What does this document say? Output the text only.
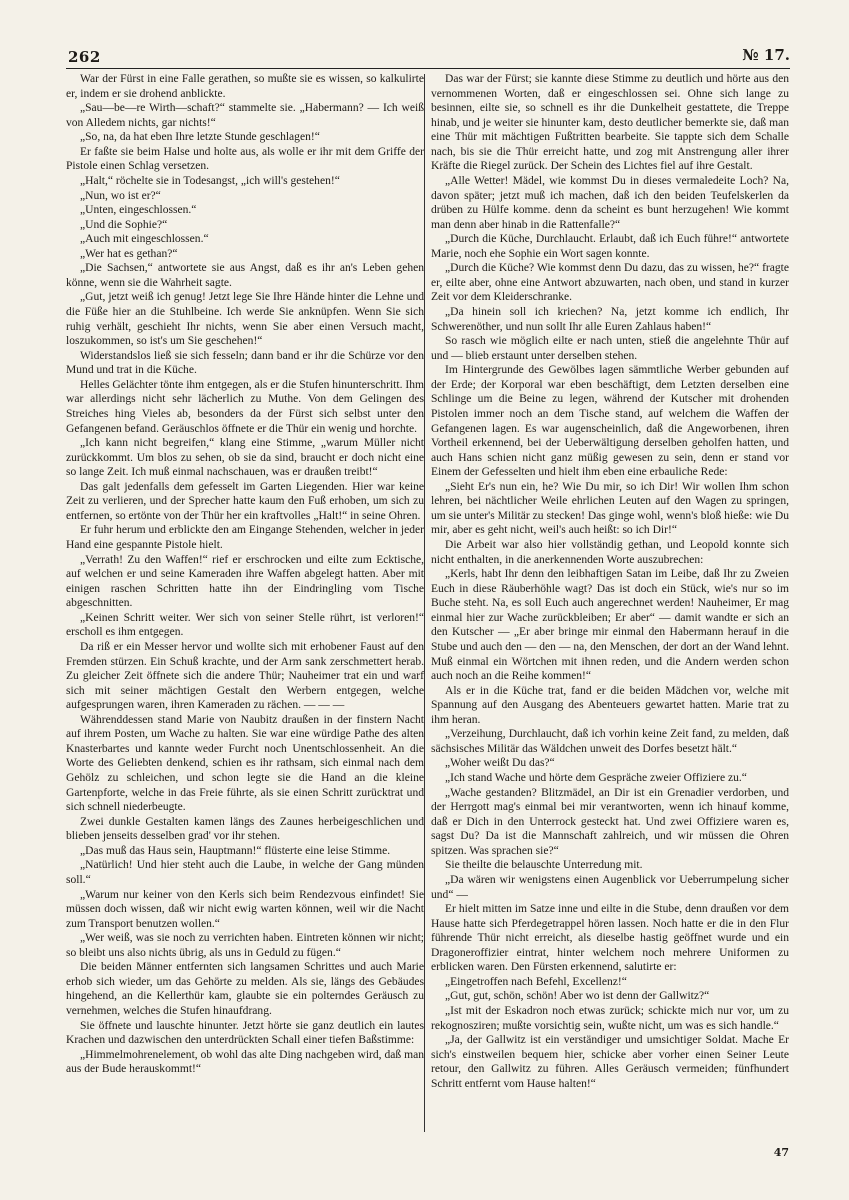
262	№ 17.

War der Fürst in eine Falle gerathen, so mußte sie es wissen, so kalkulirte er, indem er sie drohend anblickte.

„Sau—be—re Wirth—schaft?“ stammelte sie. „Habermann? — Ich weiß von Alledem nichts, gar nichts!“

„So, na, da hat eben Ihre letzte Stunde geschlagen!“

Er faßte sie beim Halse und holte aus, als wolle er ihr mit dem Griffe der Pistole einen Schlag versetzen.

„Halt,“ röchelte sie in Todesangst, „ich will's gestehen!“

„Nun, wo ist er?“

„Unten, eingeschlossen.“

„Und die Sophie?“

„Auch mit eingeschlossen.“

„Wer hat es gethan?“

„Die Sachsen,“ antwortete sie aus Angst, daß es ihr an's Leben gehen könne, wenn sie die Wahrheit sagte.

„Gut, jetzt weiß ich genug! Jetzt lege Sie Ihre Hände hinter die Lehne und die Füße hier an die Stuhlbeine. Ich werde Sie anknüpfen. Wenn Sie sich ruhig verhält, geschieht Ihr nichts, wenn Sie aber einen Versuch macht, loszukommen, so ist's um Sie geschehen!“

Widerstandslos ließ sie sich fesseln; dann band er ihr die Schürze vor den Mund und trat in die Küche.

Helles Gelächter tönte ihm entgegen, als er die Stufen hinunterschritt. Ihm war allerdings nicht sehr lächerlich zu Muthe. Von dem Gelingen des Streiches hing Vieles ab, besonders da der Fürst sich selbst unter den Gefangenen befand. Geräuschlos öffnete er die Thür ein wenig und horchte.

„Ich kann nicht begreifen,“ klang eine Stimme, „warum Müller nicht zurückkommt. Um blos zu sehen, ob sie da sind, braucht er doch nicht eine so lange Zeit. Ich muß einmal nachschauen, was er draußen treibt!“

Das galt jedenfalls dem gefesselt im Garten Liegenden. Hier war keine Zeit zu verlieren, und der Sprecher hatte kaum den Fuß erhoben, um sich zu entfernen, so ertönte von der Thür her ein kraftvolles „Halt!“ in seine Ohren.

Er fuhr herum und erblickte den am Eingange Stehenden, welcher in jeder Hand eine gespannte Pistole hielt.

„Verrath! Zu den Waffen!“ rief er erschrocken und eilte zum Ecktische, auf welchen er und seine Kameraden ihre Waffen abgelegt hatten. Aber mit einigen raschen Schritten hatte ihn der Eindringling vom Tische abgeschnitten.

„Keinen Schritt weiter. Wer sich von seiner Stelle rührt, ist verloren!“ erscholl es ihm entgegen.

Da riß er ein Messer hervor und wollte sich mit erhobener Faust auf den Fremden stürzen. Ein Schuß krachte, und der Arm sank zerschmettert herab. Zu gleicher Zeit öffnete sich die andere Thür; Nauheimer trat ein und warf sich mit seiner mächtigen Gestalt den Werbern entgegen, welche aufgesprungen waren, ihren Kameraden zu rächen. — — —

Währenddessen stand Marie von Naubitz draußen in der finstern Nacht auf ihrem Posten, um Wache zu halten. Sie war eine würdige Pathe des alten Knasterbartes und kannte weder Furcht noch Unentschlossenheit. An die Worte des Geliebten denkend, schien es ihr rathsam, sich einmal nach dem Gehölz zu schleichen, und schon legte sie die Hand an die kleine Gartenpforte, welche in das Freie führte, als sie einen Schritt zurücktrat und sich schnell niederbeugte.

Zwei dunkle Gestalten kamen längs des Zaunes herbeigeschlichen und blieben jenseits desselben grad' vor ihr stehen.

„Das muß das Haus sein, Hauptmann!“ flüsterte eine leise Stimme.

„Natürlich! Und hier steht auch die Laube, in welche der Gang münden soll.“

„Warum nur keiner von den Kerls sich beim Rendezvous einfindet! Sie müssen doch wissen, daß wir nicht ewig warten können, weil wir die Nacht zum Transport benutzen wollen.“

„Wer weiß, was sie noch zu verrichten haben. Eintreten können wir nicht; so bleibt uns also nichts übrig, als uns in Geduld zu fügen.“

Die beiden Männer entfernten sich langsamen Schrittes und auch Marie erhob sich wieder, um das Gehörte zu melden. Als sie, längs des Gebäudes hingehend, an die Kellerthür kam, glaubte sie ein polterndes Geräusch zu vernehmen, welches die Stufen hinaufdrang.

Sie öffnete und lauschte hinunter. Jetzt hörte sie ganz deutlich ein lautes Krachen und dazwischen den unterdrückten Schall einer tiefen Baßstimme:

„Himmelmohrenelement, ob wohl das alte Ding nachgeben wird, daß man aus der Bude herauskommt!“

Das war der Fürst; sie kannte diese Stimme zu deutlich und hörte aus den vernommenen Worten, daß er eingeschlossen sei. Ohne sich lange zu besinnen, eilte sie, so schnell es ihr die Dunkelheit gestattete, die Treppe hinab, und je weiter sie hinunter kam, desto deutlicher bemerkte sie, daß man eine Thür mit mächtigen Fußtritten bearbeite. Sie tappte sich dem Schalle nach, bis sie die Thür erreicht hatte, und zog mit Anstrengung aller ihrer Kräfte die Riegel zurück. Der Schein des Lichtes fiel auf ihre Gestalt.

„Alle Wetter! Mädel, wie kommst Du in dieses vermaledeite Loch? Na, davon später; jetzt muß ich machen, daß ich den beiden Teufelskerlen da drüben zu Hülfe komme. denn da scheint es bunt herzugehen! Wie kommt man denn aber hinab in die Rattenfalle?“

„Durch die Küche, Durchlaucht. Erlaubt, daß ich Euch führe!“ antwortete Marie, noch ehe Sophie ein Wort sagen konnte.

„Durch die Küche? Wie kommst denn Du dazu, das zu wissen, he?“ fragte er, eilte aber, ohne eine Antwort abzuwarten, nach oben, und stand in kurzer Zeit vor dem Kleiderschranke.

„Da hinein soll ich kriechen? Na, jetzt komme ich endlich, Ihr Schwerenöther, und nun sollt Ihr alle Euren Zahlaus haben!“

So rasch wie möglich eilte er nach unten, stieß die angelehnte Thür auf und — blieb erstaunt unter derselben stehen.

Im Hintergrunde des Gewölbes lagen sämmtliche Werber gebunden auf der Erde; der Korporal war eben beschäftigt, dem Letzten derselben eine Schlinge um die Beine zu legen, während der Kutscher mit drohenden Pistolen immer noch an dem Tische stand, auf welchem die Waffen der Gefangenen lagen. Es war augenscheinlich, daß die Angeworbenen, ihren Vortheil erkennend, bei der Ueberwältigung derselben geholfen hatten, und auch Hans schien nicht ganz müßig gewesen zu sein, denn er stand vor Einem der Gefesselten und hielt ihm eben eine erbauliche Rede:

„Sieht Er's nun ein, he? Wie Du mir, so ich Dir! Wir wollen Ihm schon lehren, bei nächtlicher Weile ehrlichen Leuten auf den Wagen zu springen, um sie unter's Militär zu stecken! Das ginge wohl, wenn's bloß hieße: wie Du mir, aber es geht nicht, weil's auch heißt: so ich Dir!“

Die Arbeit war also hier vollständig gethan, und Leopold konnte sich nicht enthalten, in die anerkennenden Worte auszubrechen:

„Kerls, habt Ihr denn den leibhaftigen Satan im Leibe, daß Ihr zu Zweien Euch in diese Räuberhöhle wagt? Das ist doch ein Stück, wie's nur so im Buche steht. Na, es soll Euch auch angerechnet werden! Nauheimer, Er mag einmal hier zur Wache zurückbleiben; Er aber“ — damit wandte er sich an den Kutscher — „Er aber bringe mir einmal den Habermann herauf in die Stube und auch den — den — na, den Menschen, der dort an der Wand lehnt. Muß einmal ein Wörtchen mit ihnen reden, und die Andern werden schon auch noch an die Reihe kommen!“

Als er in die Küche trat, fand er die beiden Mädchen vor, welche mit Spannung auf den Ausgang des Abenteuers gewartet hatten. Marie trat zu ihm heran.

„Verzeihung, Durchlaucht, daß ich vorhin keine Zeit fand, zu melden, daß sächsisches Militär das Wäldchen unweit des Dorfes besetzt hält.“

„Woher weißt Du das?“

„Ich stand Wache und hörte dem Gespräche zweier Offiziere zu.“

„Wache gestanden? Blitzmädel, an Dir ist ein Grenadier verdorben, und der Herrgott mag's einmal bei mir verantworten, wenn ich hinauf komme, daß er Dich in den Unterrock gesteckt hat. Und zwei Offiziere waren es, sagst Du? Da ist die Mannschaft zahlreich, und wir müssen die Ohren spitzen. Was sprachen sie?“

Sie theilte die belauschte Unterredung mit.

„Da wären wir wenigstens einen Augenblick vor Ueberrumpelung sicher und“ —

Er hielt mitten im Satze inne und eilte in die Stube, denn draußen vor dem Hause hatte sich Pferdegetrappel hören lassen. Noch hatte er die in den Flur führende Thür nicht erreicht, als dieselbe hastig geöffnet wurde und ein Dragoneroffizier eintrat, hinter welchem noch mehrere Uniformen zu erblicken waren. Den Fürsten erkennend, salutirte er:

„Eingetroffen nach Befehl, Excellenz!“

„Gut, gut, schön, schön! Aber wo ist denn der Gallwitz?“

„Ist mit der Eskadron noch etwas zurück; schickte mich nur vor, um zu rekognosziren; mußte vorsichtig sein, wußte nicht, um was es sich handle.“

„Ja, der Gallwitz ist ein verständiger und umsichtiger Soldat. Mache Er sich's einstweilen bequem hier, schicke aber vorher einen Seiner Leute retour, den Gallwitz zu führen. Alles Geräusch vermeiden; fünfhundert Schritt entfernt vom Hause halten!“

47
